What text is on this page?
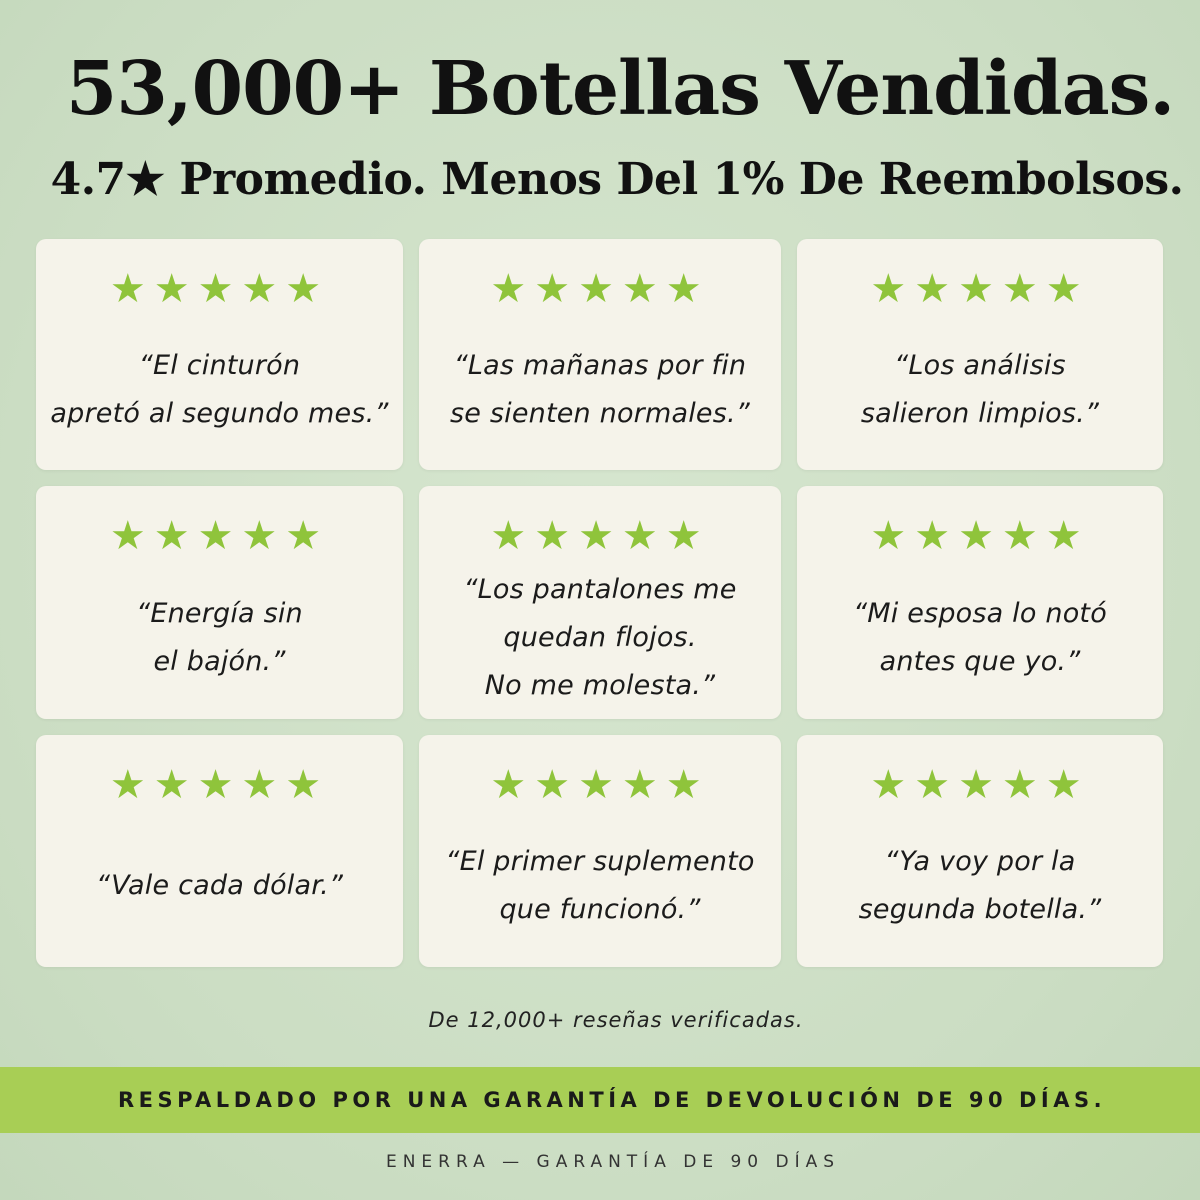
53,000+ Botellas Vendidas.
4.7★ Promedio. Menos Del 1% De Reembolsos.
★★★★★
“El cinturón
apretó al segundo mes.”
★★★★★
“Las mañanas por fin
se sienten normales.”
★★★★★
“Los análisis
salieron limpios.”
★★★★★
“Energía sin
el bajón.”
★★★★★
“Los pantalones me
quedan flojos.
No me molesta.”
★★★★★
“Mi esposa lo notó
antes que yo.”
★★★★★
“Vale cada dólar.”
★★★★★
“El primer suplemento
que funcionó.”
★★★★★
“Ya voy por la
segunda botella.”
De 12,000+ reseñas verificadas.
RESPALDADO POR UNA GARANTÍA DE DEVOLUCIÓN DE 90 DÍAS.
ENERRA — GARANTÍA DE 90 DÍAS
